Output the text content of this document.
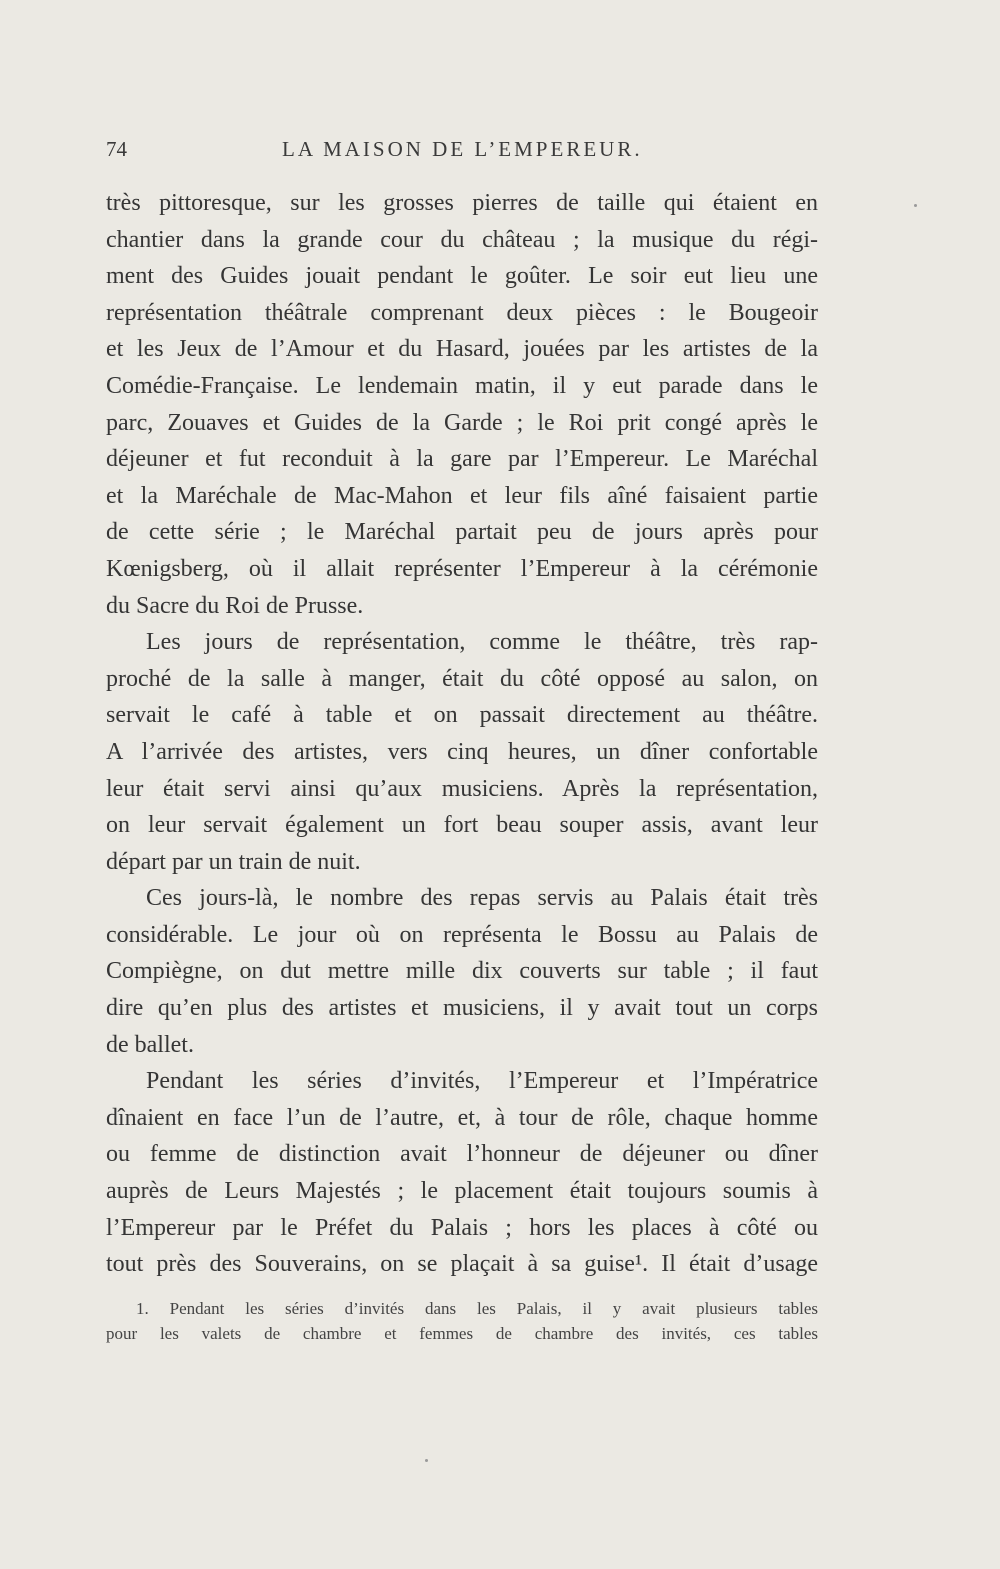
74	LA MAISON DE L’EMPEREUR.
très pittoresque, sur les grosses pierres de taille qui étaient en
chantier dans la grande cour du château ; la musique du régi-
ment des Guides jouait pendant le goûter. Le soir eut lieu une
représentation théâtrale comprenant deux pièces : le Bougeoir
et les Jeux de l’Amour et du Hasard, jouées par les artistes de la
Comédie-Française. Le lendemain matin, il y eut parade dans le
parc, Zouaves et Guides de la Garde ; le Roi prit congé après le
déjeuner et fut reconduit à la gare par l’Empereur. Le Maréchal
et la Maréchale de Mac-Mahon et leur fils aîné faisaient partie
de cette série ; le Maréchal partait peu de jours après pour
Kœnigsberg, où il allait représenter l’Empereur à la cérémonie
du Sacre du Roi de Prusse.
Les jours de représentation, comme le théâtre, très rap-
proché de la salle à manger, était du côté opposé au salon, on
servait le café à table et on passait directement au théâtre.
A l’arrivée des artistes, vers cinq heures, un dîner confortable
leur était servi ainsi qu’aux musiciens. Après la représentation,
on leur servait également un fort beau souper assis, avant leur
départ par un train de nuit.
Ces jours-là, le nombre des repas servis au Palais était très
considérable. Le jour où on représenta le Bossu au Palais de
Compiègne, on dut mettre mille dix couverts sur table ; il faut
dire qu’en plus des artistes et musiciens, il y avait tout un corps
de ballet.
Pendant les séries d’invités, l’Empereur et l’Impératrice
dînaient en face l’un de l’autre, et, à tour de rôle, chaque homme
ou femme de distinction avait l’honneur de déjeuner ou dîner
auprès de Leurs Majestés ; le placement était toujours soumis à
l’Empereur par le Préfet du Palais ; hors les places à côté ou
tout près des Souverains, on se plaçait à sa guise¹. Il était d’usage
1. Pendant les séries d’invités dans les Palais, il y avait plusieurs tables
pour les valets de chambre et femmes de chambre des invités, ces tables
